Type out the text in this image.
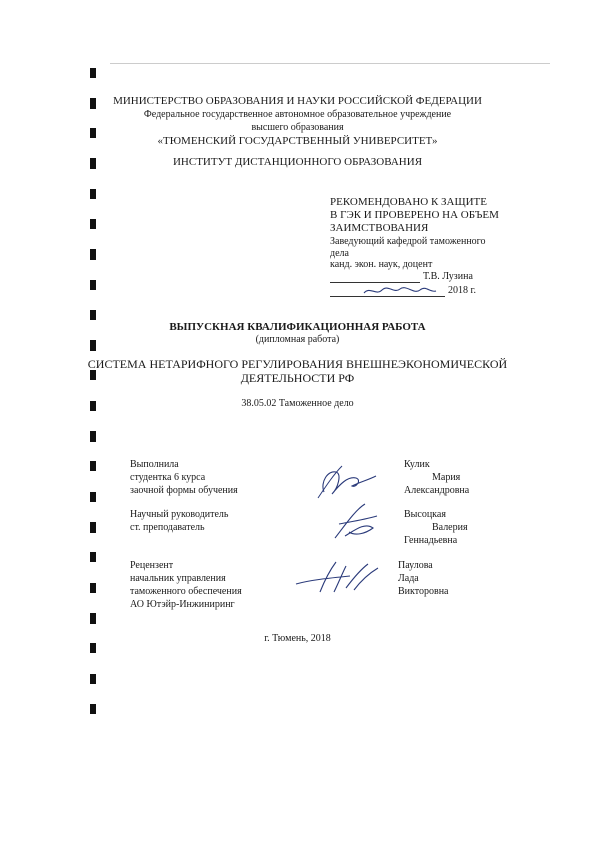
МИНИСТЕРСТВО ОБРАЗОВАНИЯ И НАУКИ РОССИЙСКОЙ ФЕДЕРАЦИИ
Федеральное государственное автономное образовательное учреждение
высшего образования
«ТЮМЕНСКИЙ ГОСУДАРСТВЕННЫЙ УНИВЕРСИТЕТ»
ИНСТИТУТ ДИСТАНЦИОННОГО ОБРАЗОВАНИЯ
РЕКОМЕНДОВАНО К ЗАЩИТЕ
В ГЭК И ПРОВЕРЕНО НА ОБЪЕМ
ЗАИМСТВОВАНИЯ
Заведующий кафедрой таможенного
дела
канд. экон. наук, доцент
Т.В. Лузина
2018 г.
ВЫПУСКНАЯ КВАЛИФИКАЦИОННАЯ РАБОТА
(дипломная работа)
СИСТЕМА НЕТАРИФНОГО РЕГУЛИРОВАНИЯ ВНЕШНЕЭКОНОМИЧЕСКОЙ
ДЕЯТЕЛЬНОСТИ РФ
38.05.02 Таможенное дело
Выполнила
студентка 6 курса
заочной формы обучения
Кулик
Мария
Александровна
Научный руководитель
ст. преподаватель
Высоцкая
Валерия
Геннадьевна
Рецензент
начальник управления
таможенного обеспечения
АО Ютэйр-Инжиниринг
Паулова
Лада
Викторовна
г. Тюмень, 2018
